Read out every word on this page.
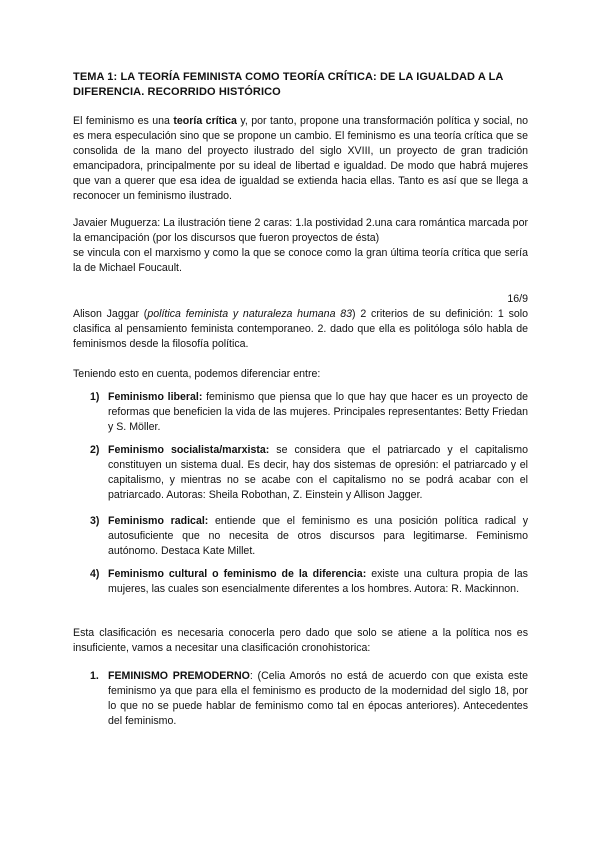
TEMA 1: LA TEORÍA FEMINISTA COMO TEORÍA CRÍTICA: DE LA IGUALDAD A LA DIFERENCIA. RECORRIDO HISTÓRICO

El feminismo es una teoría crítica y, por tanto, propone una transformación política y social, no es mera especulación sino que se propone un cambio. El feminismo es una teoría crítica que se consolida de la mano del proyecto ilustrado del siglo XVIII, un proyecto de gran tradición emancipadora, principalmente por su ideal de libertad e igualdad. De modo que habrá mujeres que van a querer que esa idea de igualdad se extienda hacia ellas. Tanto es así que se llega a reconocer un feminismo ilustrado.

Javaier Muguerza: La ilustración tiene 2 caras: 1.la postividad 2.una cara romántica marcada por la emancipación (por los discursos que fueron proyectos de ésta)
se vincula con el marxismo y como la que se conoce como la gran última teoría crítica que sería la de Michael Foucault.

16/9

Alison Jaggar (política feminista y naturaleza humana 83) 2 criterios de su definición: 1 solo clasifica al pensamiento feminista contemporaneo. 2. dado que ella es politóloga sólo habla de feminismos desde la filosofía política.

Teniendo esto en cuenta, podemos diferenciar entre:

1) Feminismo liberal: feminismo que piensa que lo que hay que hacer es un proyecto de reformas que beneficien la vida de las mujeres. Principales representantes: Betty Friedan y S. Möller.
2) Feminismo socialista/marxista: se considera que el patriarcado y el capitalismo constituyen un sistema dual. Es decir, hay dos sistemas de opresión: el patriarcado y el capitalismo, y mientras no se acabe con el capitalismo no se podrá acabar con el patriarcado. Autoras: Sheila Robothan, Z. Einstein y Allison Jagger.
3) Feminismo radical: entiende que el feminismo es una posición política radical y autosuficiente que no necesita de otros discursos para legitimarse. Feminismo autónomo. Destaca Kate Millet.
4) Feminismo cultural o feminismo de la diferencia: existe una cultura propia de las mujeres, las cuales son esencialmente diferentes a los hombres. Autora: R. Mackinnon.

Esta clasificación es necesaria conocerla pero dado que solo se atiene a la política nos es insuficiente, vamos a necesitar una clasificación cronohistorica:

1. FEMINISMO PREMODERNO: (Celia Amorós no está de acuerdo con que exista este feminismo ya que para ella el feminismo es producto de la modernidad del siglo 18, por lo que no se puede hablar de feminismo como tal en épocas anteriores). Antecedentes del feminismo.
